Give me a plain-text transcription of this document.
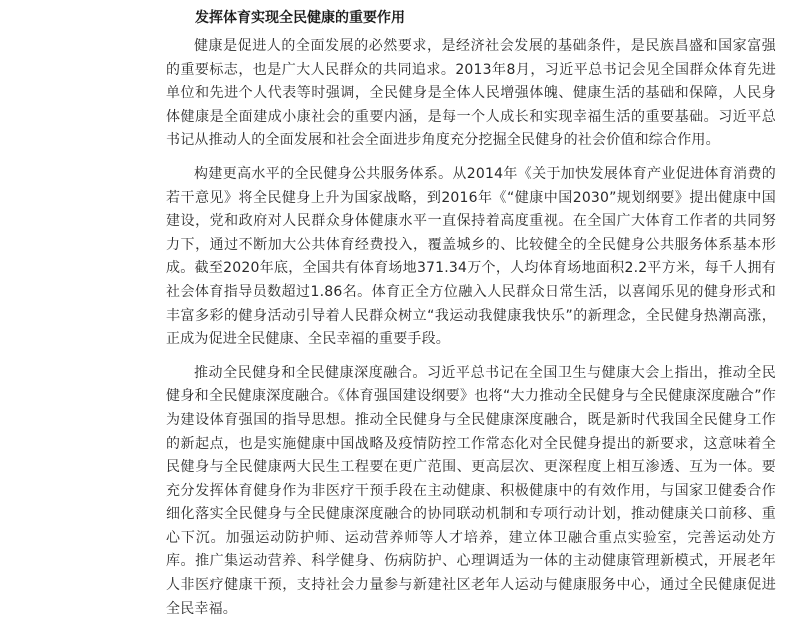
发挥体育实现全民健康的重要作用

健康是促进人的全面发展的必然要求，是经济社会发展的基础条件，是民族昌盛和国家富强的重要标志，也是广大人民群众的共同追求。2013年8月，习近平总书记会见全国群众体育先进单位和先进个人代表等时强调，全民健身是全体人民增强体魄、健康生活的基础和保障，人民身体健康是全面建成小康社会的重要内涵，是每一个人成长和实现幸福生活的重要基础。习近平总书记从推动人的全面发展和社会全面进步角度充分挖掘全民健身的社会价值和综合作用。

构建更高水平的全民健身公共服务体系。从2014年《关于加快发展体育产业促进体育消费的若干意见》将全民健身上升为国家战略，到2016年《“健康中国2030”规划纲要》提出健康中国建设，党和政府对人民群众身体健康水平一直保持着高度重视。在全国广大体育工作者的共同努力下，通过不断加大公共体育经费投入，覆盖城乡的、比较健全的全民健身公共服务体系基本形成。截至2020年底，全国共有体育场地371.34万个，人均体育场地面积2.2平方米，每千人拥有社会体育指导员数超过1.86名。体育正全方位融入人民群众日常生活，以喜闻乐见的健身形式和丰富多彩的健身活动引导着人民群众树立“我运动我健康我快乐”的新理念，全民健身热潮高涨，正成为促进全民健康、全民幸福的重要手段。

推动全民健身和全民健康深度融合。习近平总书记在全国卫生与健康大会上指出，推动全民健身和全民健康深度融合。《体育强国建设纲要》也将“大力推动全民健身与全民健康深度融合”作为建设体育强国的指导思想。推动全民健身与全民健康深度融合，既是新时代我国全民健身工作的新起点，也是实施健康中国战略及疫情防控工作常态化对全民健身提出的新要求，这意味着全民健身与全民健康两大民生工程要在更广范围、更高层次、更深程度上相互渗透、互为一体。要充分发挥体育健身作为非医疗干预手段在主动健康、积极健康中的有效作用，与国家卫健委合作细化落实全民健身与全民健康深度融合的协同联动机制和专项行动计划，推动健康关口前移、重心下沉。加强运动防护师、运动营养师等人才培养，建立体卫融合重点实验室，完善运动处方库。推广集运动营养、科学健身、伤病防护、心理调适为一体的主动健康管理新模式，开展老年人非医疗健康干预，支持社会力量参与新建社区老年人运动与健康服务中心，通过全民健康促进全民幸福。
